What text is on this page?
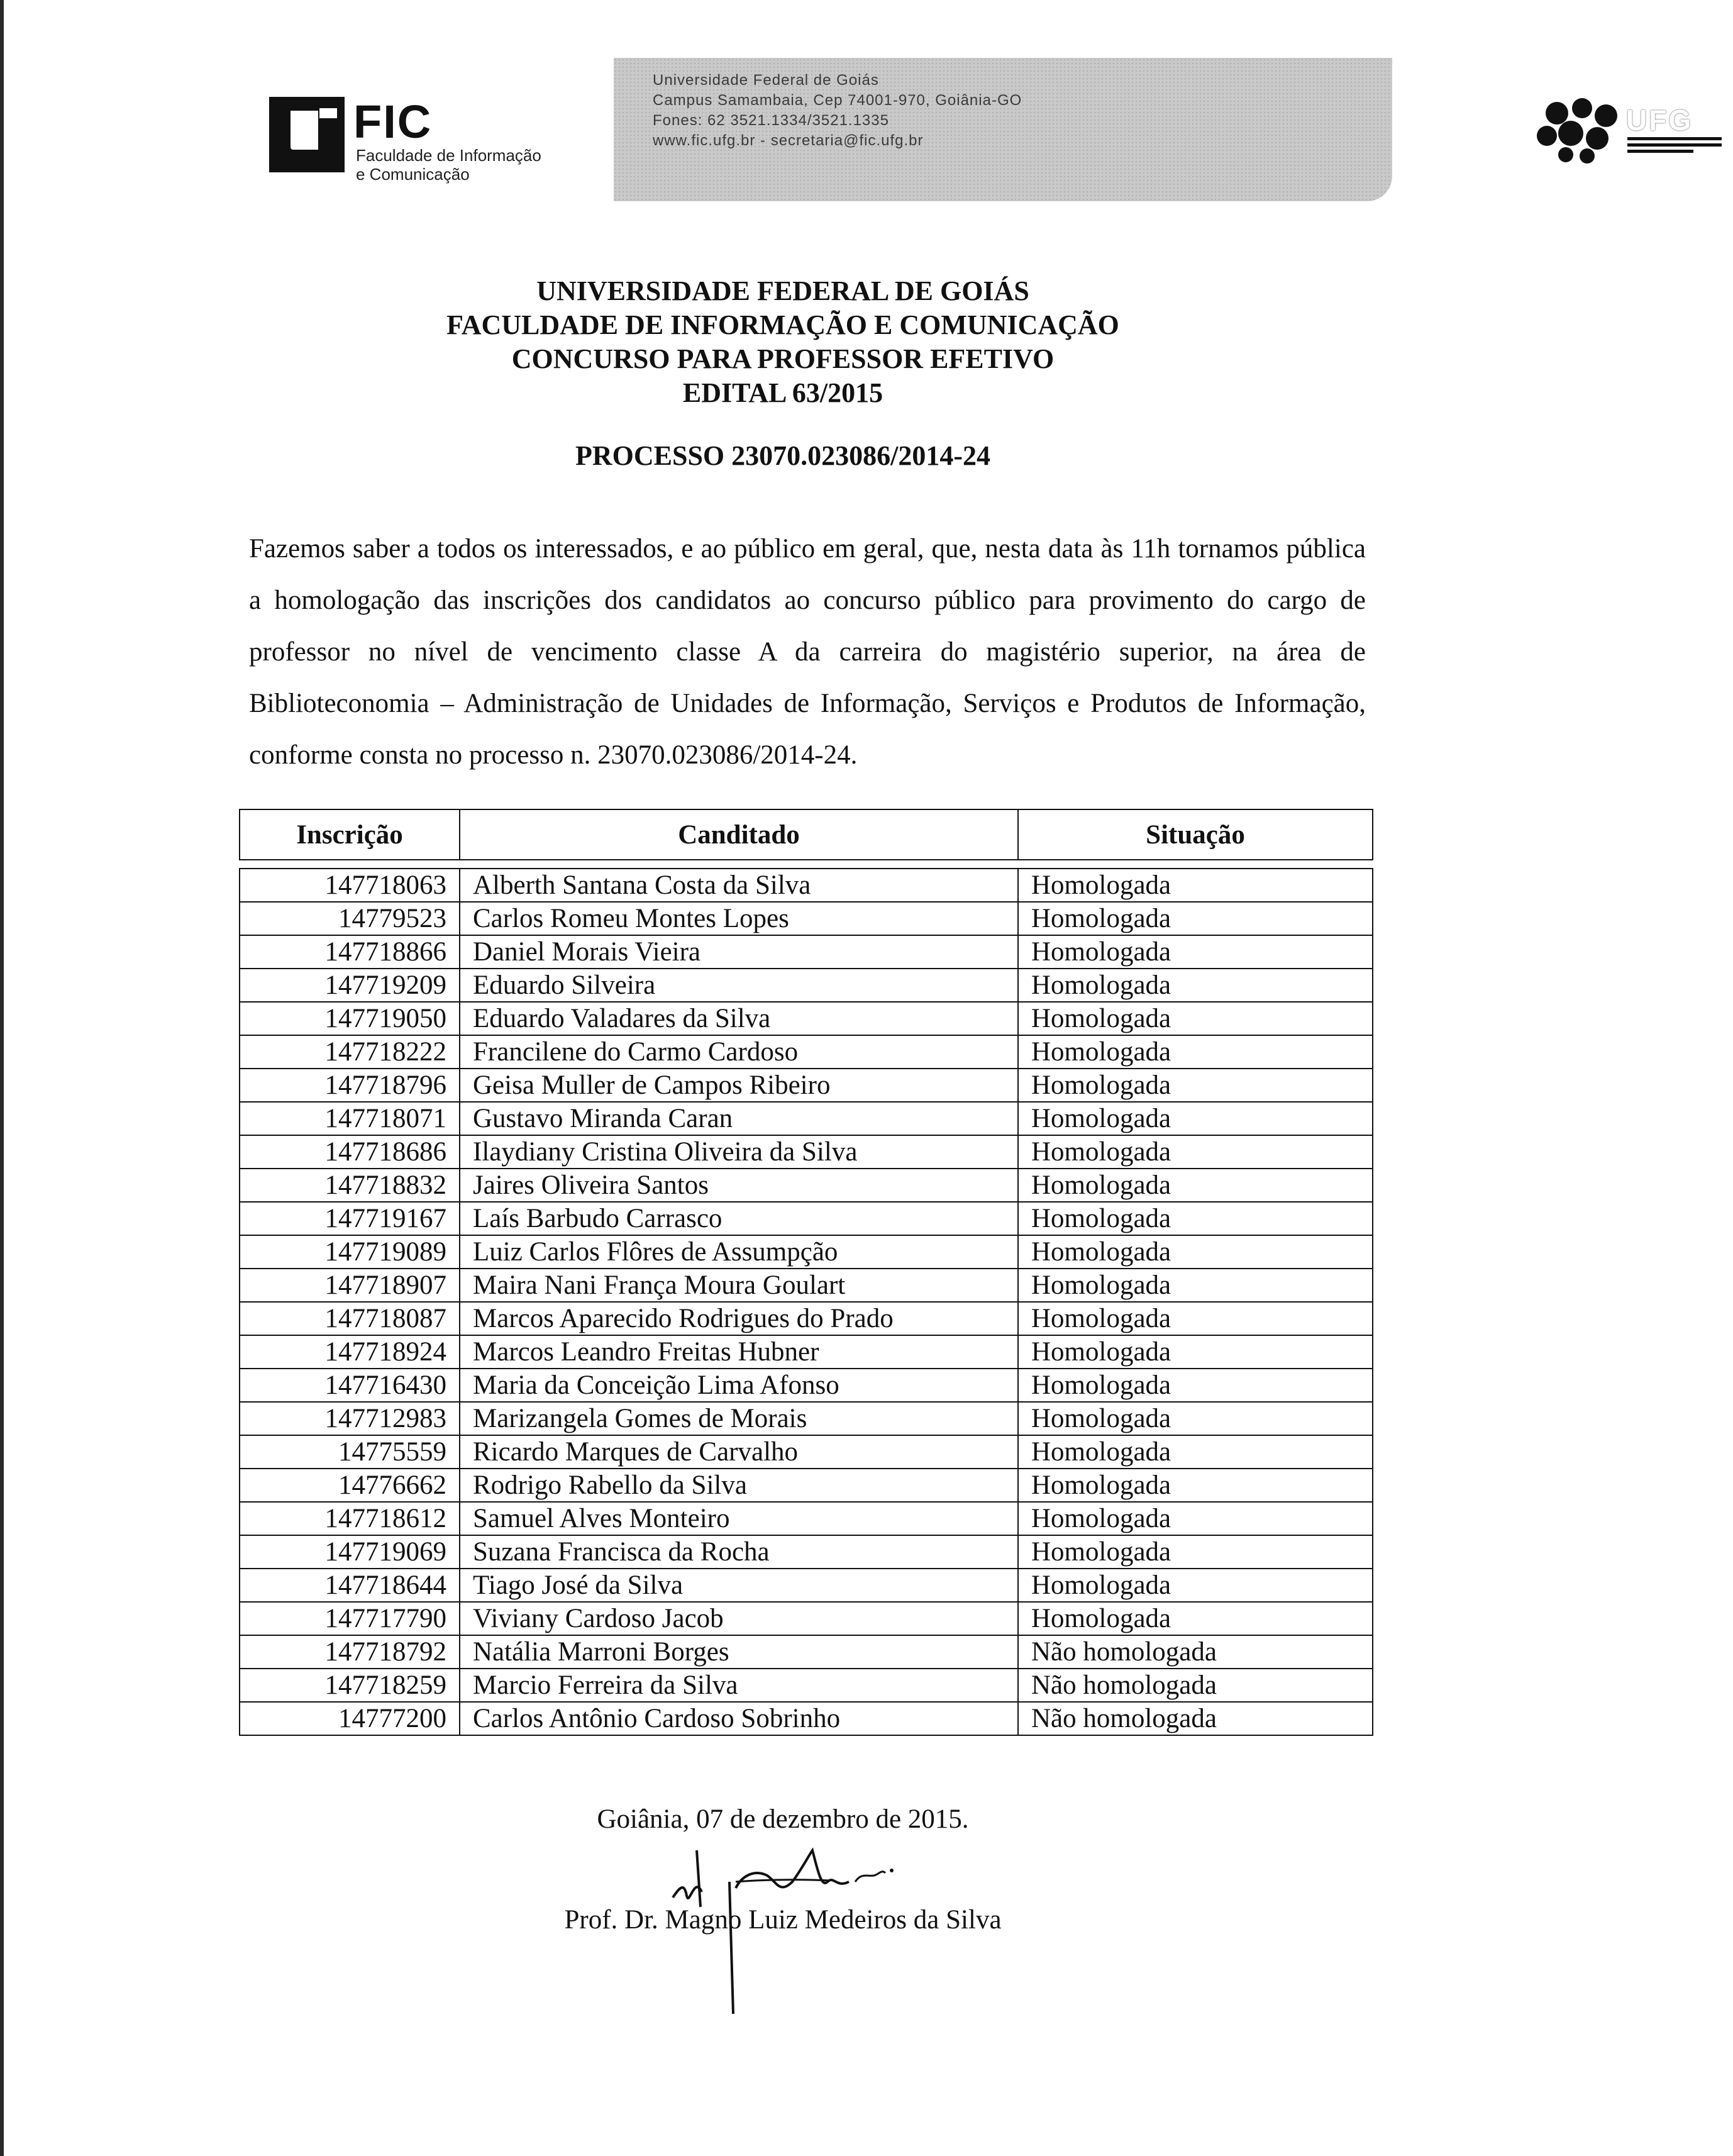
FIC
Faculdade de Informação
e Comunicação
Universidade Federal de Goiás
Campus Samambaia, Cep 74001-970, Goiânia-GO
Fones: 62 3521.1334/3521.1335
www.fic.ufg.br - secretaria@fic.ufg.br
UFG
UNIVERSIDADE FEDERAL DE GOIÁS
FACULDADE DE INFORMAÇÃO E COMUNICAÇÃO
CONCURSO PARA PROFESSOR EFETIVO
EDITAL 63/2015
PROCESSO 23070.023086/2014-24
Fazemos saber a todos os interessados, e ao público em geral, que, nesta data às 11h tornamos pública a homologação das inscrições dos candidatos ao concurso público para provimento do cargo de professor no nível de vencimento classe A da carreira do magistério superior, na área de Biblioteconomia – Administração de Unidades de Informação, Serviços e Produtos de Informação, conforme consta no processo n. 23070.023086/2014-24.
Inscrição	Canditado	Situação

147718063	Alberth Santana Costa da Silva	Homologada
14779523	Carlos Romeu Montes Lopes	Homologada
147718866	Daniel Morais Vieira	Homologada
147719209	Eduardo Silveira	Homologada
147719050	Eduardo Valadares da Silva	Homologada
147718222	Francilene do Carmo Cardoso	Homologada
147718796	Geisa Muller de Campos Ribeiro	Homologada
147718071	Gustavo Miranda Caran	Homologada
147718686	Ilaydiany Cristina Oliveira da Silva	Homologada
147718832	Jaires Oliveira Santos	Homologada
147719167	Laís Barbudo Carrasco	Homologada
147719089	Luiz Carlos Flôres de Assumpção	Homologada
147718907	Maira Nani França Moura Goulart	Homologada
147718087	Marcos Aparecido Rodrigues do Prado	Homologada
147718924	Marcos Leandro Freitas Hubner	Homologada
147716430	Maria da Conceição Lima Afonso	Homologada
147712983	Marizangela Gomes de Morais	Homologada
14775559	Ricardo Marques de Carvalho	Homologada
14776662	Rodrigo Rabello da Silva	Homologada
147718612	Samuel Alves Monteiro	Homologada
147719069	Suzana Francisca da Rocha	Homologada
147718644	Tiago José da Silva	Homologada
147717790	Viviany Cardoso Jacob	Homologada
147718792	Natália Marroni Borges	Não homologada
147718259	Marcio Ferreira da Silva	Não homologada
14777200	Carlos Antônio Cardoso Sobrinho	Não homologada
Goiânia, 07 de dezembro de 2015.
Prof. Dr. Magno Luiz Medeiros da Silva
